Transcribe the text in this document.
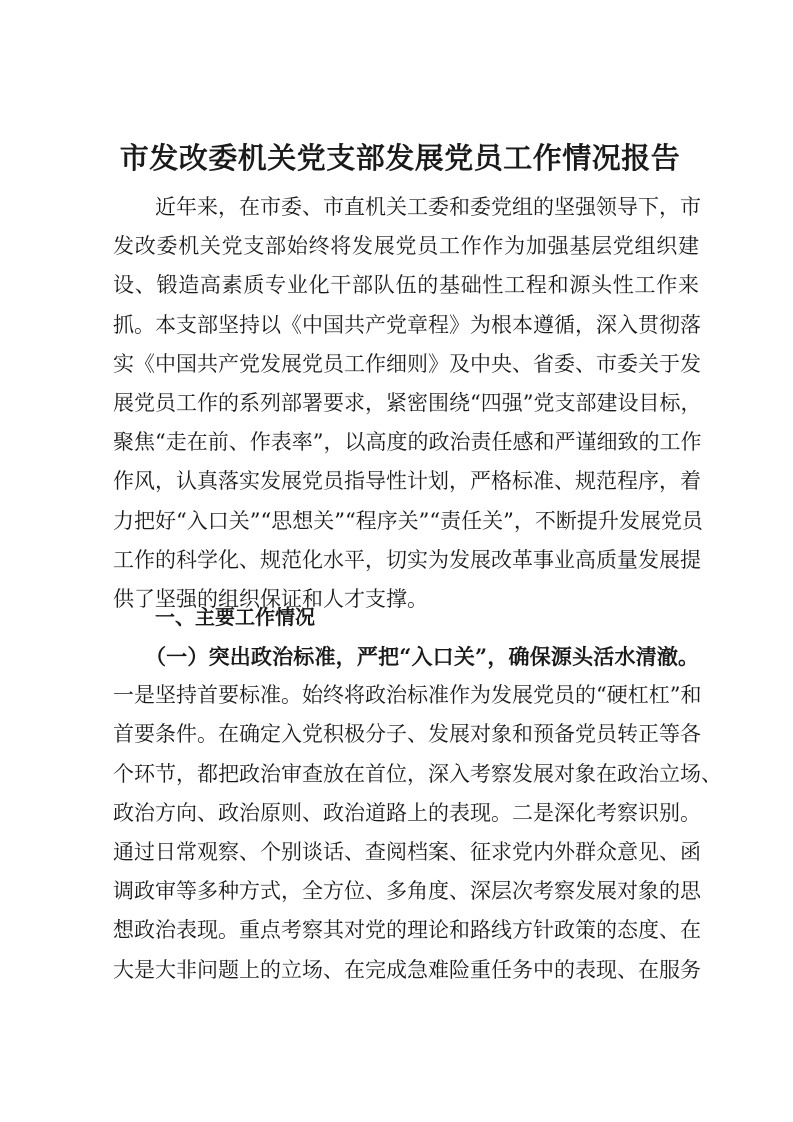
市发改委机关党支部发展党员工作情况报告
　　近年来，在市委、市直机关工委和委党组的坚强领导下，市
发改委机关党支部始终将发展党员工作作为加强基层党组织建
设、锻造高素质专业化干部队伍的基础性工程和源头性工作来
抓。本支部坚持以《中国共产党章程》为根本遵循，深入贯彻落
实《中国共产党发展党员工作细则》及中央、省委、市委关于发
展党员工作的系列部署要求，紧密围绕“四强”党支部建设目标，
聚焦“走在前、作表率”，以高度的政治责任感和严谨细致的工作
作风，认真落实发展党员指导性计划，严格标准、规范程序，着
力把好“入口关”“思想关”“程序关”“责任关”，不断提升发展党员
工作的科学化、规范化水平，切实为发展改革事业高质量发展提
供了坚强的组织保证和人才支撑。
一、主要工作情况
（一）突出政治标准，严把“入口关”，确保源头活水清澈。
一是坚持首要标准。始终将政治标准作为发展党员的“硬杠杠”和
首要条件。在确定入党积极分子、发展对象和预备党员转正等各
个环节，都把政治审查放在首位，深入考察发展对象在政治立场、
政治方向、政治原则、政治道路上的表现。二是深化考察识别。
通过日常观察、个别谈话、查阅档案、征求党内外群众意见、函
调政审等多种方式，全方位、多角度、深层次考察发展对象的思
想政治表现。重点考察其对党的理论和路线方针政策的态度、在
大是大非问题上的立场、在完成急难险重任务中的表现、在服务
